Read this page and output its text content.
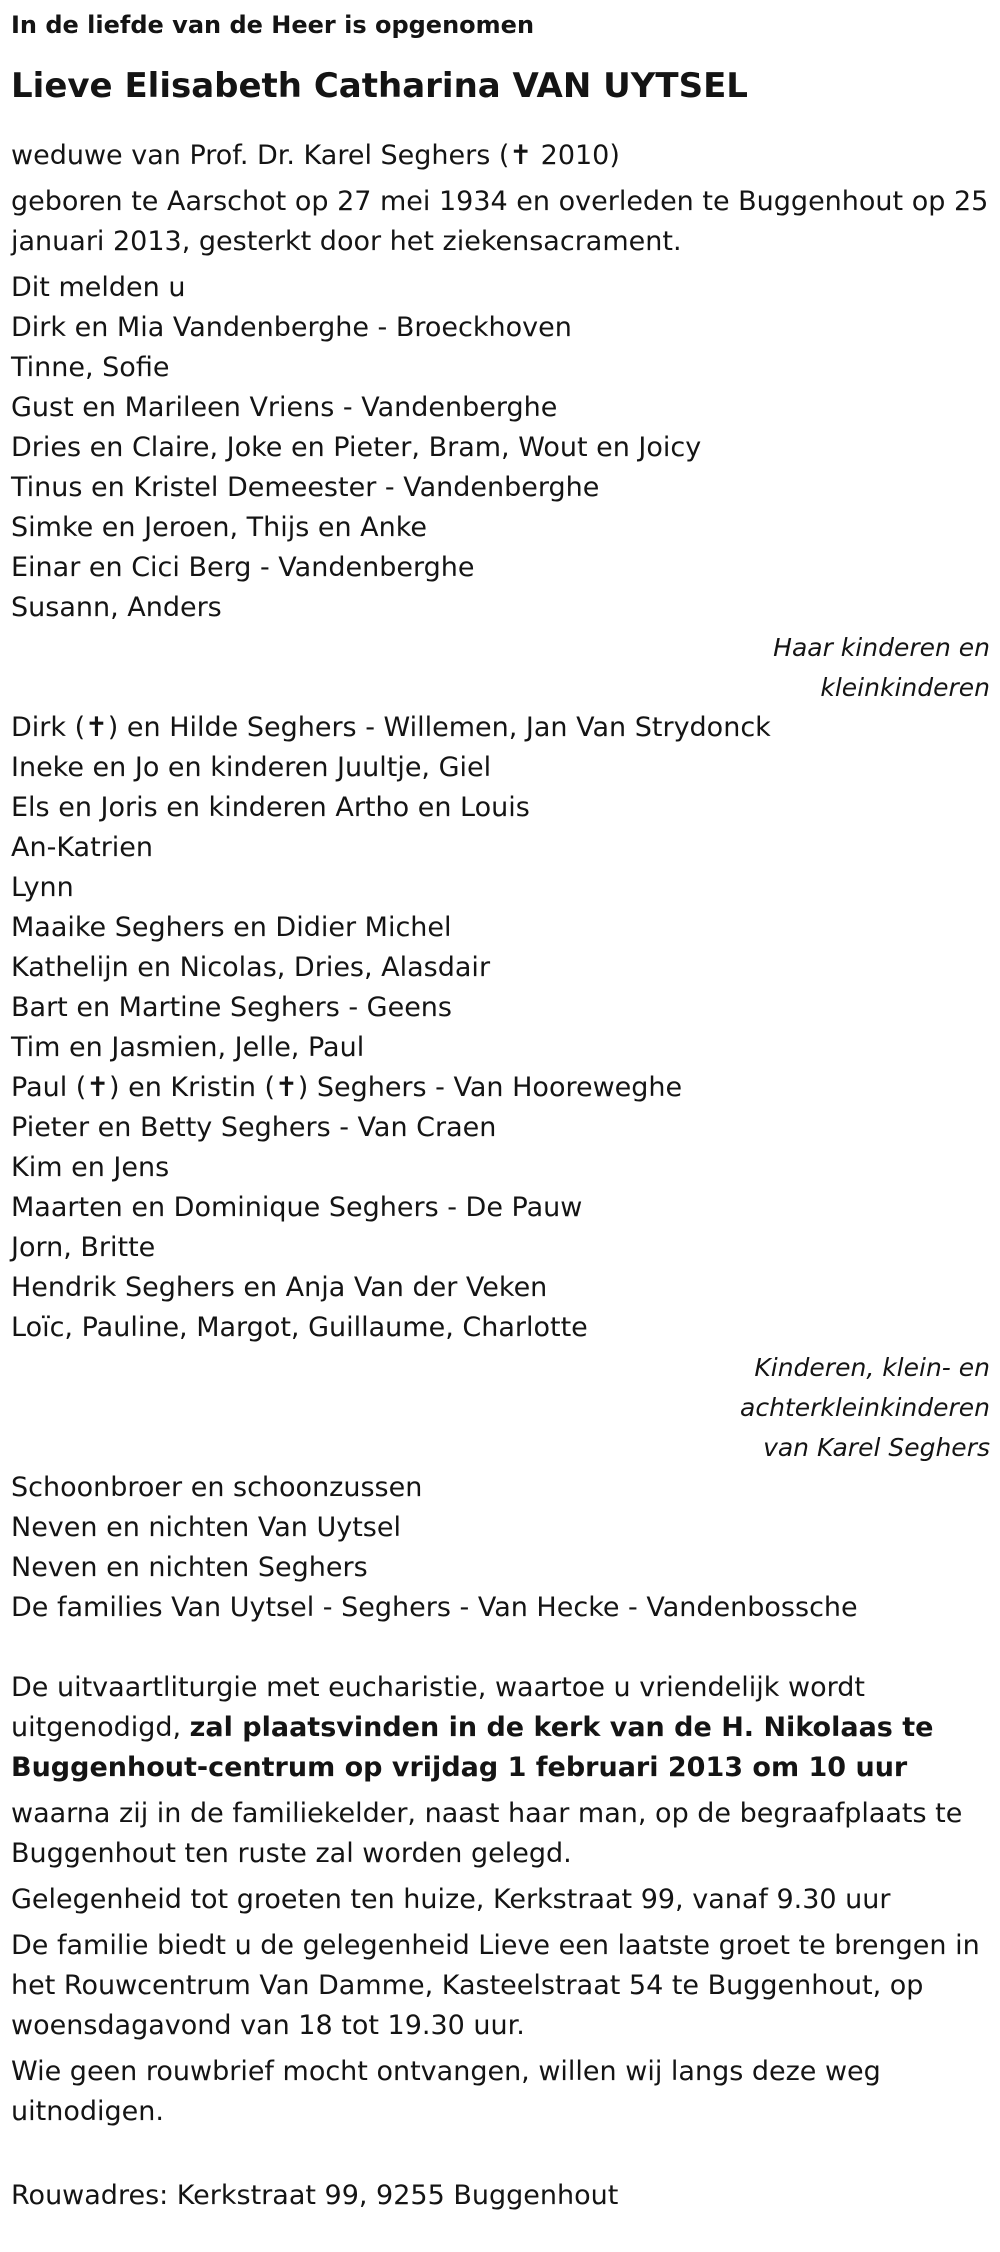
In de liefde van de Heer is opgenomen
Lieve Elisabeth Catharina VAN UYTSEL

weduwe van Prof. Dr. Karel Seghers (✝ 2010)

geboren te Aarschot op 27 mei 1934 en overleden te Buggenhout op 25 januari 2013, gesterkt door het ziekensacrament.

Dit melden u

Dirk en Mia Vandenberghe - Broeckhoven

Tinne, Sofie

Gust en Marileen Vriens - Vandenberghe

Dries en Claire, Joke en Pieter, Bram, Wout en Joicy

Tinus en Kristel Demeester - Vandenberghe

Simke en Jeroen, Thijs en Anke

Einar en Cici Berg - Vandenberghe

Susann, Anders

Haar kinderen en

kleinkinderen

Dirk (✝) en Hilde Seghers - Willemen, Jan Van Strydonck

Ineke en Jo en kinderen Juultje, Giel

Els en Joris en kinderen Artho en Louis

An-Katrien

Lynn

Maaike Seghers en Didier Michel

Kathelijn en Nicolas, Dries, Alasdair

Bart en Martine Seghers - Geens

Tim en Jasmien, Jelle, Paul

Paul (✝) en Kristin (✝) Seghers - Van Hooreweghe

Pieter en Betty Seghers - Van Craen

Kim en Jens

Maarten en Dominique Seghers - De Pauw

Jorn, Britte

Hendrik Seghers en Anja Van der Veken

Loïc, Pauline, Margot, Guillaume, Charlotte

Kinderen, klein- en

achterkleinkinderen

van Karel Seghers

Schoonbroer en schoonzussen

Neven en nichten Van Uytsel

Neven en nichten Seghers

De families Van Uytsel - Seghers - Van Hecke - Vandenbossche

De uitvaartliturgie met eucharistie, waartoe u vriendelijk wordt uitgenodigd, zal plaatsvinden in de kerk van de H. Nikolaas te Buggenhout-centrum op vrijdag 1 februari 2013 om 10 uur

waarna zij in de familiekelder, naast haar man, op de begraafplaats te Buggenhout ten ruste zal worden gelegd.

Gelegenheid tot groeten ten huize, Kerkstraat 99, vanaf 9.30 uur

De familie biedt u de gelegenheid Lieve een laatste groet te brengen in het Rouwcentrum Van Damme, Kasteelstraat 54 te Buggenhout, op woensdagavond van 18 tot 19.30 uur.

Wie geen rouwbrief mocht ontvangen, willen wij langs deze weg uitnodigen.

Rouwadres: Kerkstraat 99, 9255 Buggenhout
